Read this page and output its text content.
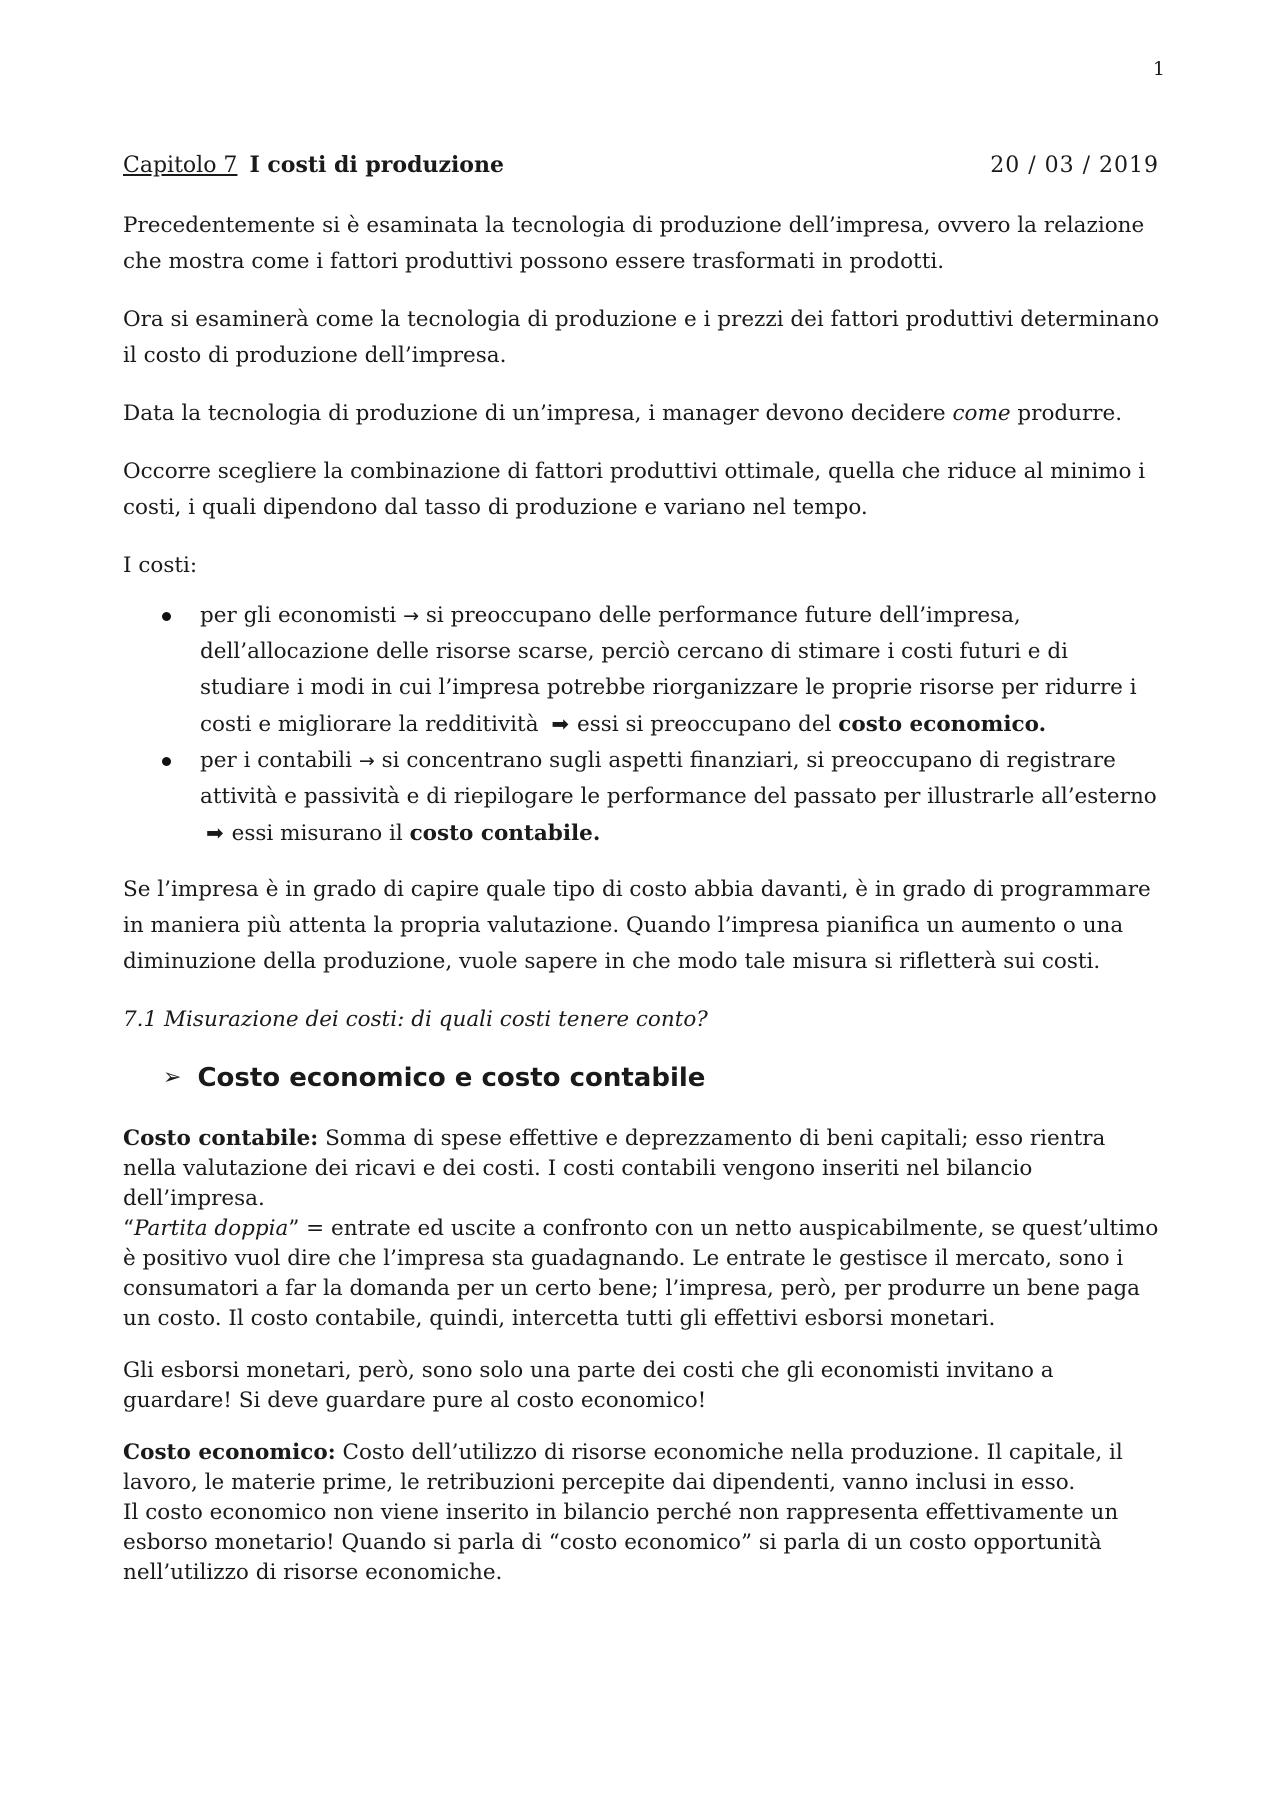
1
Capitolo 7 I costi di produzione	20 / 03 / 2019

Precedentemente si è esaminata la tecnologia di produzione dell’impresa, ovvero la relazione che mostra come i fattori produttivi possono essere trasformati in prodotti.

Ora si esaminerà come la tecnologia di produzione e i prezzi dei fattori produttivi determinano il costo di produzione dell’impresa.

Data la tecnologia di produzione di un’impresa, i manager devono decidere come produrre.

Occorre scegliere la combinazione di fattori produttivi ottimale, quella che riduce al minimo i costi, i quali dipendono dal tasso di produzione e variano nel tempo.

I costi:

per gli economisti → si preoccupano delle performance future dell’impresa, dell’allocazione delle risorse scarse, perciò cercano di stimare i costi futuri e di studiare i modi in cui l’impresa potrebbe riorganizzare le proprie risorse per ridurre i costi e migliorare la redditività ➡ essi si preoccupano del costo economico.
per i contabili → si concentrano sugli aspetti finanziari, si preoccupano di registrare attività e passività e di riepilogare le performance del passato per illustrarle all’esterno ➡ essi misurano il costo contabile.

Se l’impresa è in grado di capire quale tipo di costo abbia davanti, è in grado di programmare in maniera più attenta la propria valutazione. Quando l’impresa pianifica un aumento o una diminuzione della produzione, vuole sapere in che modo tale misura si rifletterà sui costi.

7.1 Misurazione dei costi: di quali costi tenere conto?

➢ Costo economico e costo contabile

Costo contabile: Somma di spese effettive e deprezzamento di beni capitali; esso rientra nella valutazione dei ricavi e dei costi. I costi contabili vengono inseriti nel bilancio dell’impresa.
“Partita doppia” = entrate ed uscite a confronto con un netto auspicabilmente, se quest’ultimo è positivo vuol dire che l’impresa sta guadagnando. Le entrate le gestisce il mercato, sono i consumatori a far la domanda per un certo bene; l’impresa, però, per produrre un bene paga un costo. Il costo contabile, quindi, intercetta tutti gli effettivi esborsi monetari.

Gli esborsi monetari, però, sono solo una parte dei costi che gli economisti invitano a guardare! Si deve guardare pure al costo economico!

Costo economico: Costo dell’utilizzo di risorse economiche nella produzione. Il capitale, il lavoro, le materie prime, le retribuzioni percepite dai dipendenti, vanno inclusi in esso.
Il costo economico non viene inserito in bilancio perché non rappresenta effettivamente un esborso monetario! Quando si parla di “costo economico” si parla di un costo opportunità nell’utilizzo di risorse economiche.
